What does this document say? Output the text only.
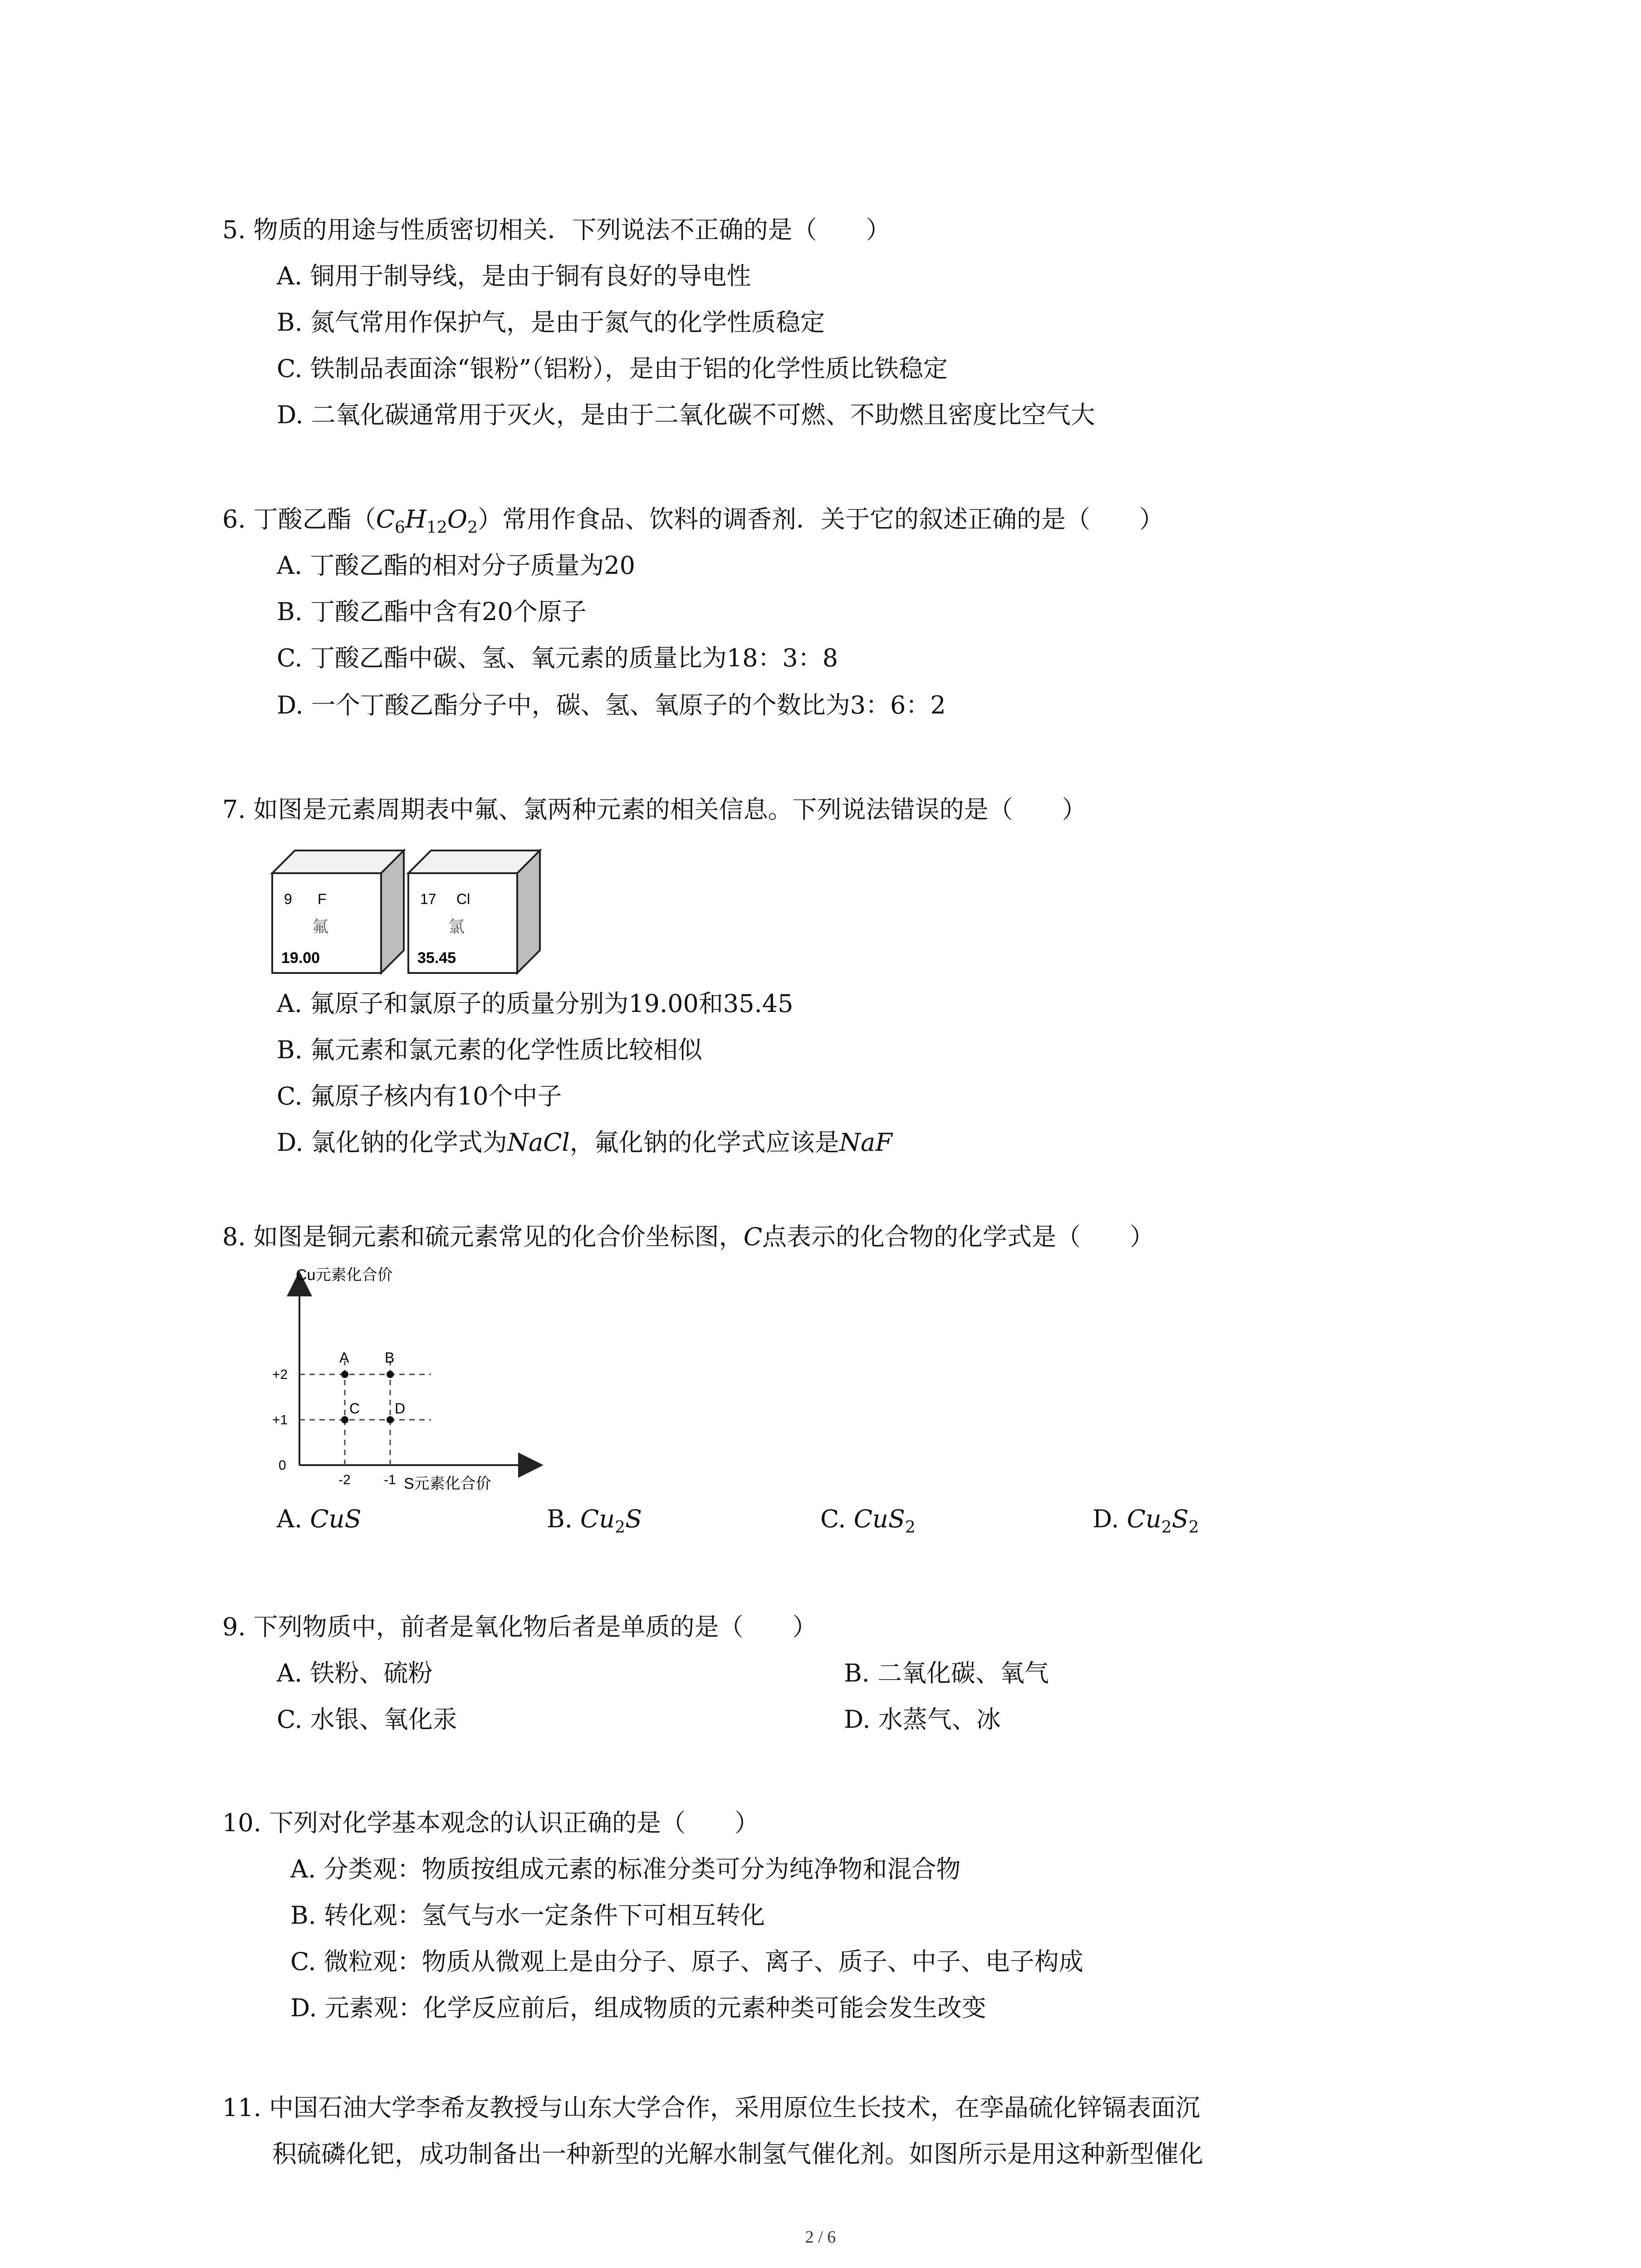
5. 物质的用途与性质密切相关．下列说法不正确的是（　　）
A. 铜用于制导线，是由于铜有良好的导电性
B. 氮气常用作保护气，是由于氮气的化学性质稳定
C. 铁制品表面涂“银粉”（铝粉），是由于铝的化学性质比铁稳定
D. 二氧化碳通常用于灭火，是由于二氧化碳不可燃、不助燃且密度比空气大
6. 丁酸乙酯$(C_6H_{12}O_2)$常用作食品、饮料的调香剂．关于它的叙述正确的是（　　）
A. 丁酸乙酯的相对分子质量为20
B. 丁酸乙酯中含有20个原子
C. 丁酸乙酯中碳、氢、氧元素的质量比为18：3：8
D. 一个丁酸乙酯分子中，碳、氢、氧原子的个数比为3：6：2
7. 如图是元素周期表中氟、氯两种元素的相关信息。下列说法错误的是（　　）
9 F
氟
19.00
17 Cl
氯
35.45
A. 氟原子和氯原子的质量分别为19.00和35.45
B. 氟元素和氯元素的化学性质比较相似
C. 氟原子核内有10个中子
D. 氯化钠的化学式为NaCl，氟化钠的化学式应该是NaF
8. 如图是铜元素和硫元素常见的化合价坐标图，C点表示的化合物的化学式是（　　）
Cu元素化合价
S元素化合价
0
-2 -1
+1
+2
A B
C D
A. CuS	B. $Cu_2S$	C. CuS$_2$	D. $Cu_2S_2$
9. 下列物质中，前者是氧化物后者是单质的是（　　）
A. 铁粉、硫粉	B. 二氧化碳、氧气
C. 水银、氧化汞	D. 水蒸气、冰
10. 下列对化学基本观念的认识正确的是（　　）
A. 分类观：物质按组成元素的标准分类可分为纯净物和混合物
B. 转化观：氢气与水一定条件下可相互转化
C. 微粒观：物质从微观上是由分子、原子、离子、质子、中子、电子构成
D. 元素观：化学反应前后，组成物质的元素种类可能会发生改变
11. 中国石油大学李希友教授与山东大学合作，采用原位生长技术，在孪晶硫化锌镉表面沉
积硫磷化钯，成功制备出一种新型的光解水制氢气催化剂。如图所示是用这种新型催化
2 / 6
